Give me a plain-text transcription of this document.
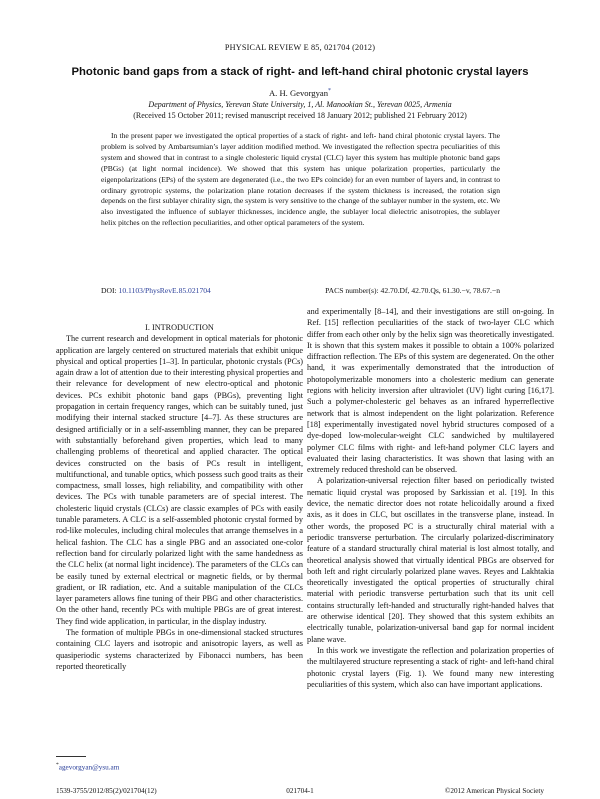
PHYSICAL REVIEW E 85, 021704 (2012)
Photonic band gaps from a stack of right- and left-hand chiral photonic crystal layers
A. H. Gevorgyan*
Department of Physics, Yerevan State University, 1, Al. Manookian St., Yerevan 0025, Armenia
(Received 15 October 2011; revised manuscript received 18 January 2012; published 21 February 2012)

In the present paper we investigated the optical properties of a stack of right- and left- hand chiral photonic crystal layers. The problem is solved by Ambartsumian’s layer addition modified method. We investigated the reflection spectra peculiarities of this system and showed that in contrast to a single cholesteric liquid crystal (CLC) layer this system has multiple photonic band gaps (PBGs) (at light normal incidence). We showed that this system has unique polarization properties, particularly the eigenpolarizations (EPs) of the system are degenerated (i.e., the two EPs coincide) for an even number of layers and, in contrast to ordinary gyrotropic systems, the polarization plane rotation decreases if the system thickness is increased, the rotation sign depends on the first sublayer chirality sign, the system is very sensitive to the change of the sublayer number in the system, etc. We also investigated the influence of sublayer thicknesses, incidence angle, the sublayer local dielectric anisotropies, the sublayer helix pitches on the reflection peculiarities, and other optical parameters of the system.

DOI: 10.1103/PhysRevE.85.021704	PACS number(s): 42.70.Df, 42.70.Qs, 61.30.−v, 78.67.−n

I. INTRODUCTION

The current research and development in optical materials for photonic application are largely centered on structured materials that exhibit unique physical and optical properties [1–3]. In particular, photonic crystals (PCs) again draw a lot of attention due to their interesting physical properties and their relevance for development of new electro-optical and photonic devices. PCs exhibit photonic band gaps (PBGs), preventing light propagation in certain frequency ranges, which can be suitably tuned, just modifying their internal stacked structure [4–7]. As these structures are designed artificially or in a self-assembling manner, they can be prepared with substantially beforehand given properties, which lead to many challenging problems of theoretical and applied character. The optical devices constructed on the basis of PCs result in intelligent, multifunctional, and tunable optics, which possess such good traits as their compactness, small losses, high reliability, and compatibility with other devices. The PCs with tunable parameters are of special interest. The cholesteric liquid crystals (CLCs) are classic examples of PCs with easily tunable parameters. A CLC is a self-assembled photonic crystal formed by rod-like molecules, including chiral molecules that arrange themselves in a helical fashion. The CLC has a single PBG and an associated one-color reflection band for circularly polarized light with the same handedness as the CLC helix (at normal light incidence). The parameters of the CLCs can be easily tuned by external electrical or magnetic fields, or by thermal gradient, or IR radiation, etc. And a suitable manipulation of the CLCs layer parameters allows fine tuning of their PBG and other characteristics. On the other hand, recently PCs with multiple PBGs are of great interest. They find wide application, in particular, in the display industry.

The formation of multiple PBGs in one-dimensional stacked structures containing CLC layers and isotropic and anisotropic layers, as well as quasiperiodic systems characterized by Fibonacci numbers, has been reported theoretically

and experimentally [8–14], and their investigations are still on-going. In Ref. [15] reflection peculiarities of the stack of two-layer CLC which differ from each other only by the helix sign was theoretically investigated. It is shown that this system makes it possible to obtain a 100% polarized diffraction reflection. The EPs of this system are degenerated. On the other hand, it was experimentally demonstrated that the introduction of photopolymerizable monomers into a cholesteric medium can generate regions with helicity inversion after ultraviolet (UV) light curing [16,17]. Such a polymer-cholesteric gel behaves as an infrared hyperreflective network that is almost independent on the light polarization. Reference [18] experimentally investigated novel hybrid structures composed of a dye-doped low-molecular-weight CLC sandwiched by multilayered polymer CLC films with right- and left-hand polymer CLC layers and evaluated their lasing characteristics. It was shown that lasing with an extremely reduced threshold can be observed.

A polarization-universal rejection filter based on periodically twisted nematic liquid crystal was proposed by Sarkissian et al. [19]. In this device, the nematic director does not rotate helicoidally around a fixed axis, as it does in CLC, but oscillates in the transverse plane, instead. In other words, the proposed PC is a structurally chiral material with a periodic transverse perturbation. The circularly polarized-discriminatory feature of a standard structurally chiral material is lost almost totally, and theoretical analysis showed that virtually identical PBGs are observed for both left and right circularly polarized plane waves. Reyes and Lakhtakia theoretically investigated the optical properties of structurally chiral material with periodic transverse perturbation such that its unit cell contains structurally left-handed and structurally right-handed halves that are otherwise identical [20]. They showed that this system exhibits an electrically tunable, polarization-universal band gap for normal incident plane wave.

In this work we investigate the reflection and polarization properties of the multilayered structure representing a stack of right- and left-hand chiral photonic crystal layers (Fig. 1). We found many new interesting peculiarities of this system, which also can have important applications.

*agevorgyan@ysu.am
1539-3755/2012/85(2)/021704(12)	021704-1	©2012 American Physical Society
